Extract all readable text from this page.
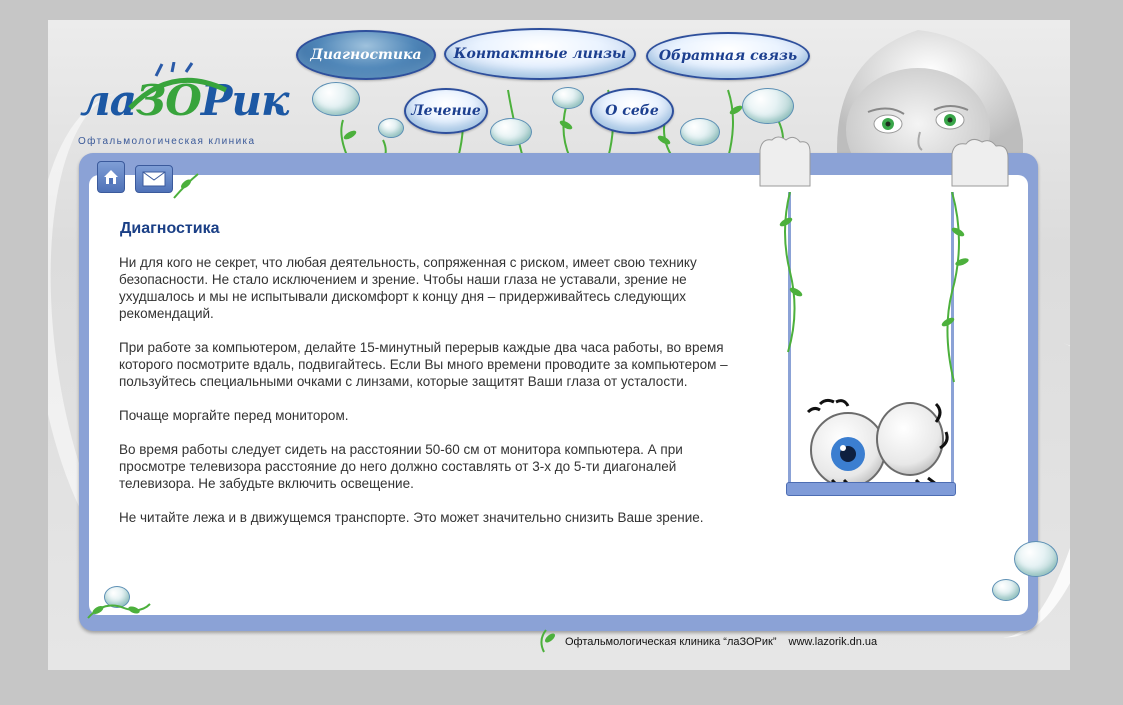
лаЗОРик
Офтальмологическая клиника
Диагностика	Контактные линзы	Обратная связь
Лечение	О себе
Диагностика

Ни для кого не секрет, что любая деятельность, сопряженная с риском, имеет свою технику безопасности. Не стало исключением и зрение. Чтобы наши глаза не уставали, зрение не ухудшалось и мы не испытывали дискомфорт к концу дня – придерживайтесь следующих рекомендаций.

При работе за компьютером, делайте 15-минутный перерыв каждые два часа работы, во время которого посмотрите вдаль, подвигайтесь. Если Вы много времени проводите за компьютером – пользуйтесь специальными очками с линзами, которые защитят Ваши глаза от усталости.

Почаще моргайте перед монитором.

Во время работы следует сидеть на расстоянии 50-60 см от монитора компьютера. А при просмотре телевизора расстояние до него должно составлять от 3-х до 5-ти диагоналей телевизора. Не забудьте включить освещение.

Не читайте лежа и в движущемся транспорте. Это может значительно снизить Ваше зрение.

Офтальмологическая клиника “лаЗОРик” www.lazorik.dn.ua
